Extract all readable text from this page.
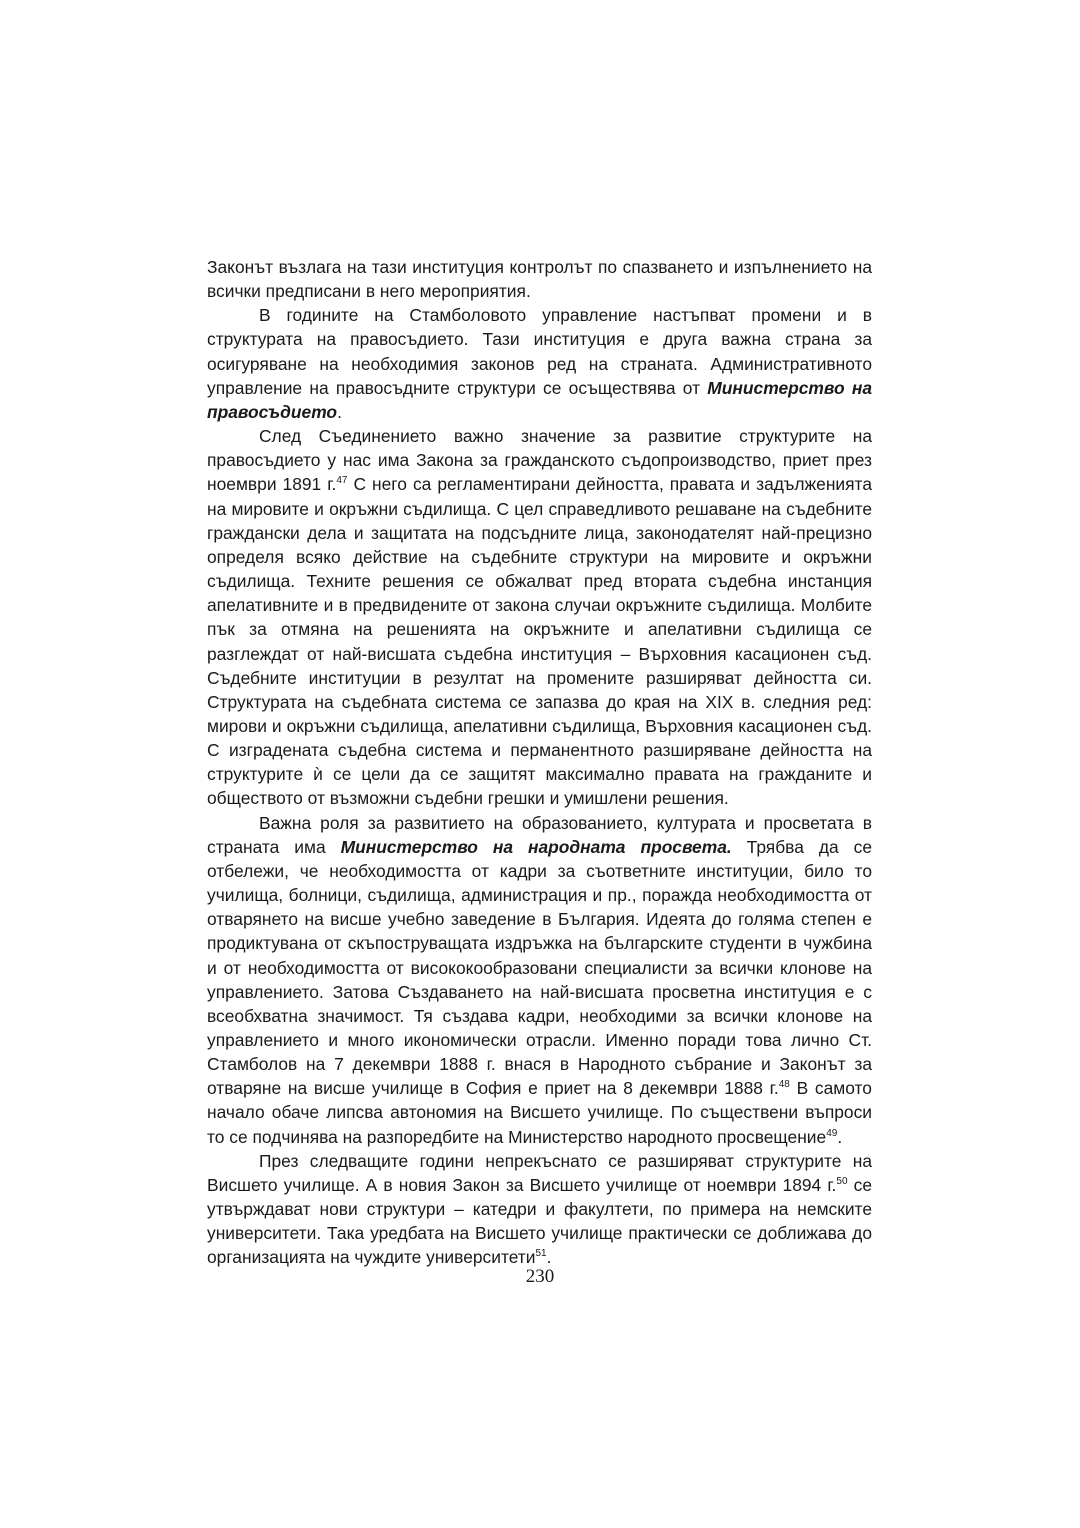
Законът възлага на тази институция контролът по спазването и изпълнението на всички предписани в него мероприятия.

В годините на Стамболовото управление настъпват промени и в структурата на правосъдието. Тази институция е друга важна страна за осигуряване на необходимия законов ред на страната. Административното управление на правосъдните структури се осъществява от Министерство на правосъдието.

След Съединението важно значение за развитие структурите на правосъдието у нас има Закона за гражданското съдопроизводство, приет през ноември 1891 г.$^{47}$ С него са регламентирани дейността, правата и задълженията на мировите и окръжни съдилища. С цел справедливото решаване на съдебните граждански дела и защитата на подсъдните лица, законодателят най-прецизно определя всяко действие на съдебните структури на мировите и окръжни съдилища. Техните решения се обжалват пред втората съдебна инстанция апелативните и в предвидените от закона случаи окръжните съдилища. Молбите пък за отмяна на решенията на окръжните и апелативни съдилища се разглеждат от най-висшата съдебна институция – Върховния касационен съд. Съдебните институции в резултат на промените разширяват дейността си. Структурата на съдебната система се запазва до края на XIX в. следния ред: мирови и окръжни съдилища, апелативни съдилища, Върховния касационен съд. С изградената съдебна система и перманентното разширяване дейността на структурите ѝ се цели да се защитят максимално правата на гражданите и обществото от възможни съдебни грешки и умишлени решения.

Важна роля за развитието на образованието, културата и просветата в страната има Министерство на народната просвета. Трябва да се отбележи, че необходимостта от кадри за съответните институции, било то училища, болници, съдилища, администрация и пр., поражда необходимостта от отварянето на висше учебно заведение в България. Идеята до голяма степен е продиктувана от скъпоструващата издръжка на българските студенти в чужбина и от необходимостта от висококообразовани специалисти за всички клонове на управлението. Затова Създаването на най-висшата просветна институция е с всеобхватна значимост. Тя създава кадри, необходими за всички клонове на управлението и много икономически отрасли. Именно поради това лично Ст. Стамболов на 7 декември 1888 г. внася в Народното събрание и Законът за отваряне на висше училище в София е приет на 8 декември 1888 г.$^{48}$ В самото начало обаче липсва автономия на Висшето училище. По съществени въпроси то се подчинява на разпоредбите на Министерство народното просвещение$^{49}$.

През следващите години непрекъснато се разширяват структурите на Висшето училище. А в новия Закон за Висшето училище от ноември 1894 г.$^{50}$ се утвърждават нови структури – катедри и факултети, по примера на немските университети. Така уредбата на Висшето училище практически се доближава до организацията на чуждите университети$^{51}$.

230
